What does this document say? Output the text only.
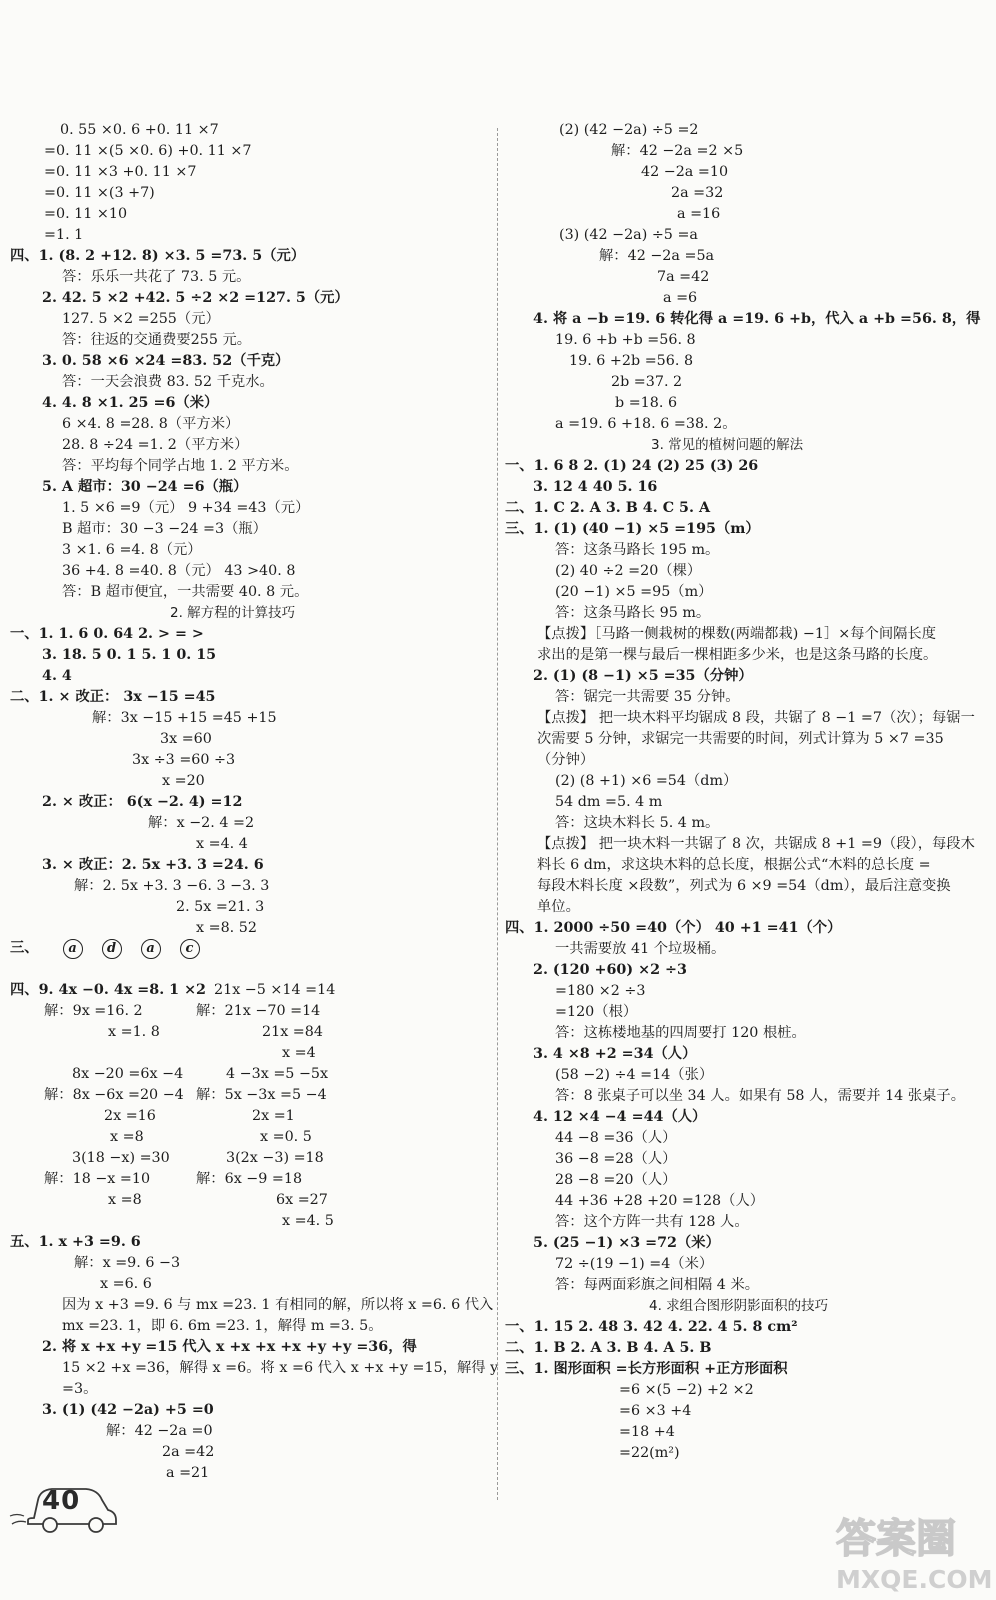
0. 55 ×0. 6 +0. 11 ×7
=0. 11 ×(5 ×0. 6) +0. 11 ×7
=0. 11 ×3 +0. 11 ×7
=0. 11 ×(3 +7)
=0. 11 ×10
=1. 1
四、1. (8. 2 +12. 8) ×3. 5 =73. 5（元）
答：乐乐一共花了 73. 5 元。
2. 42. 5 ×2 +42. 5 ÷2 ×2 =127. 5（元）
127. 5 ×2 =255（元）
答：往返的交通费要255 元。
3. 0. 58 ×6 ×24 =83. 52（千克）
答：一天会浪费 83. 52 千克水。
4. 4. 8 ×1. 25 =6（米）
6 ×4. 8 =28. 8（平方米）
28. 8 ÷24 =1. 2（平方米）
答：平均每个同学占地 1. 2 平方米。
5. A 超市：30 −24 =6（瓶）
1. 5 ×6 =9（元） 9 +34 =43（元）
B 超市：30 −3 −24 =3（瓶）
3 ×1. 6 =4. 8（元）
36 +4. 8 =40. 8（元） 43 >40. 8
答：B 超市便宜，一共需要 40. 8 元。
2. 解方程的计算技巧
一、1. 1. 6 0. 64 2. > = >
3. 18. 5 0. 1 5. 1 0. 15
4. 4
二、1. × 改正： 3x −15 =45
解：3x −15 +15 =45 +15
3x =60
3x ÷3 =60 ÷3
x =20
2. × 改正： 6(x −2. 4) =12
解：x −2. 4 =2
x =4. 4
3. × 改正：2. 5x +3. 3 =24. 6
解：2. 5x +3. 3 −6. 3 −3. 3
2. 5x =21. 3
x =8. 52
四、9. 4x −0. 4x =8. 1 ×2 21x −5 ×14 =14
解：9x =16. 2	解：21x −70 =14
x =1. 8	21x =84
x =4
8x −20 =6x −4	4 −3x =5 −5x
解：8x −6x =20 −4 解：5x −3x =5 −4
2x =16	2x =1
x =8	x =0. 5
3(18 −x) =30	3(2x −3) =18
解：18 −x =10	解：6x −9 =18
x =8	6x =27
x =4. 5
五、1. x +3 =9. 6
解：x =9. 6 −3
x =6. 6
因为 x +3 =9. 6 与 mx =23. 1 有相同的解，所以将 x =6. 6 代入
mx =23. 1，即 6. 6m =23. 1，解得 m =3. 5。
2. 将 x +x +y =15 代入 x +x +x +x +y +y =36，得
15 ×2 +x =36，解得 x =6。将 x =6 代入 x +x +y =15，解得 y
=3。
3. (1) (42 −2a) +5 =0
解：42 −2a =0
2a =42
a =21
(2) (42 −2a) ÷5 =2
解：42 −2a =2 ×5
42 −2a =10
2a =32
a =16
(3) (42 −2a) ÷5 =a
解：42 −2a =5a
7a =42
a =6
4. 将 a −b =19. 6 转化得 a =19. 6 +b，代入 a +b =56. 8，得
19. 6 +b +b =56. 8
19. 6 +2b =56. 8
2b =37. 2
b =18. 6
a =19. 6 +18. 6 =38. 2。
3. 常见的植树问题的解法
一、1. 6 8 2. (1) 24 (2) 25 (3) 26
3. 12 4 40 5. 16
二、1. C 2. A 3. B 4. C 5. A
三、1. (1) (40 −1) ×5 =195（m）
答：这条马路长 195 m。
(2) 40 ÷2 =20（棵）
(20 −1) ×5 =95（m）
答：这条马路长 95 m。
【点拨】［马路一侧栽树的棵数(两端都栽) −1］×每个间隔长度
求出的是第一棵与最后一棵相距多少米，也是这条马路的长度。
2. (1) (8 −1) ×5 =35（分钟）
答：锯完一共需要 35 分钟。
【点拨】 把一块木料平均锯成 8 段，共锯了 8 −1 =7（次）；每锯一
次需要 5 分钟，求锯完一共需要的时间，列式计算为 5 ×7 =35
（分钟）
(2) (8 +1) ×6 =54（dm）
54 dm =5. 4 m
答：这块木料长 5. 4 m。
【点拨】 把一块木料一共锯了 8 次，共锯成 8 +1 =9（段），每段木
料长 6 dm，求这块木料的总长度，根据公式“木料的总长度 =
每段木料长度 ×段数”，列式为 6 ×9 =54（dm），最后注意变换
单位。
四、1. 2000 ÷50 =40（个） 40 +1 =41（个）
一共需要放 41 个垃圾桶。
2. (120 +60) ×2 ÷3
=180 ×2 ÷3
=120（根）
答：这栋楼地基的四周要打 120 根桩。
3. 4 ×8 +2 =34（人）
(58 −2) ÷4 =14（张）
答：8 张桌子可以坐 34 人。如果有 58 人，需要并 14 张桌子。
4. 12 ×4 −4 =44（人）
44 −8 =36（人）
36 −8 =28（人）
28 −8 =20（人）
44 +36 +28 +20 =128（人）
答：这个方阵一共有 128 人。
5. (25 −1) ×3 =72（米）
72 ÷(19 −1) =4（米）
答：每两面彩旗之间相隔 4 米。
4. 求组合图形阴影面积的技巧
一、1. 15 2. 48 3. 42 4. 22. 4 5. 8 cm²
二、1. B 2. A 3. B 4. A 5. B
三、1. 图形面积 =长方形面积 +正方形面积
=6 ×(5 −2) +2 ×2
=6 ×3 +4
=18 +4
=22(m²)
三、 a d a c
40
答案圈
MXQE.COM
